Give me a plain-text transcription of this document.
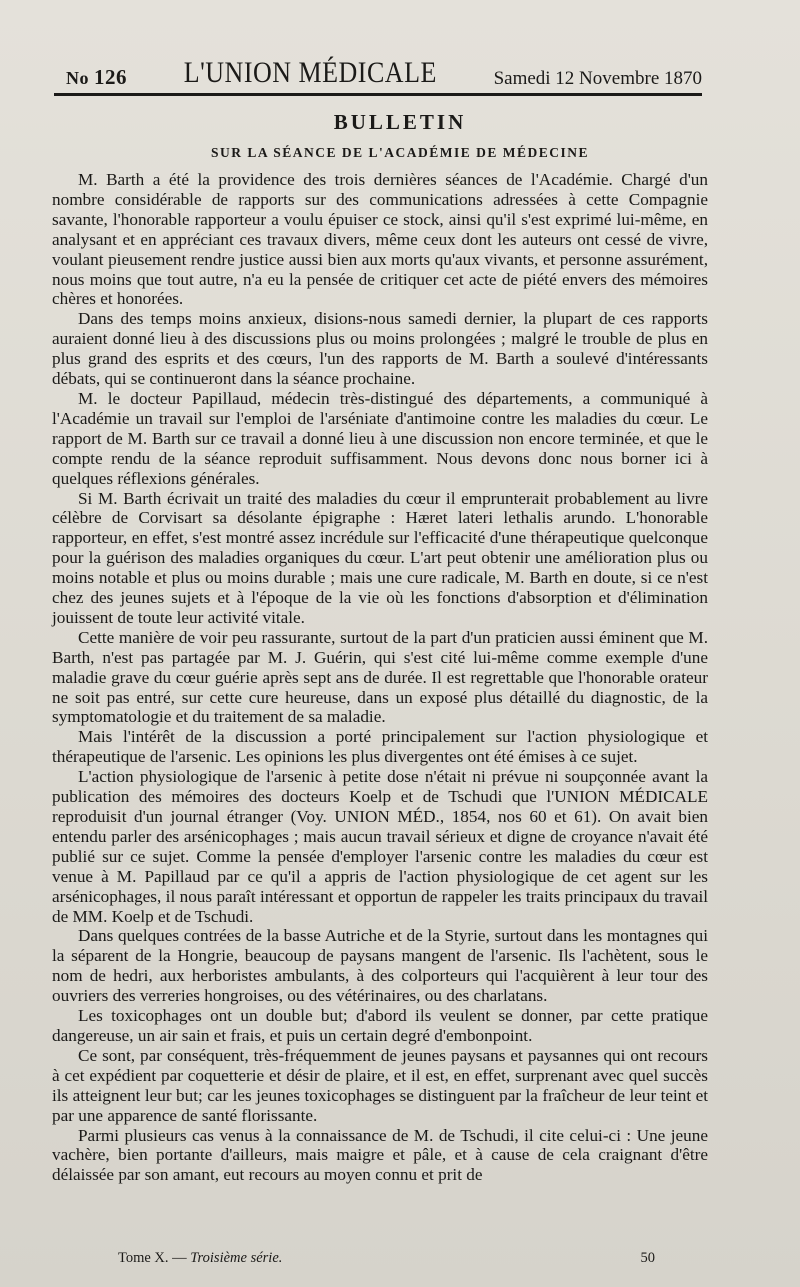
No 126 L'UNION MÉDICALE	Samedi 12 Novembre 1870
BULLETIN
SUR LA SÉANCE DE L'ACADÉMIE DE MÉDECINE

M. Barth a été la providence des trois dernières séances de l'Académie. Chargé d'un nombre considérable de rapports sur des communications adressées à cette Compagnie savante, l'honorable rapporteur a voulu épuiser ce stock, ainsi qu'il s'est exprimé lui-même, en analysant et en appréciant ces travaux divers, même ceux dont les auteurs ont cessé de vivre, voulant pieusement rendre justice aussi bien aux morts qu'aux vivants, et personne assurément, nous moins que tout autre, n'a eu la pensée de critiquer cet acte de piété envers des mémoires chères et honorées.

Dans des temps moins anxieux, disions-nous samedi dernier, la plupart de ces rapports auraient donné lieu à des discussions plus ou moins prolongées ; malgré le trouble de plus en plus grand des esprits et des cœurs, l'un des rapports de M. Barth a soulevé d'intéressants débats, qui se continueront dans la séance prochaine.

M. le docteur Papillaud, médecin très-distingué des départements, a communiqué à l'Académie un travail sur l'emploi de l'arséniate d'antimoine contre les maladies du cœur. Le rapport de M. Barth sur ce travail a donné lieu à une discussion non encore terminée, et que le compte rendu de la séance reproduit suffisamment. Nous devons donc nous borner ici à quelques réflexions générales.

Si M. Barth écrivait un traité des maladies du cœur il emprunterait probablement au livre célèbre de Corvisart sa désolante épigraphe : Hæret lateri lethalis arundo. L'honorable rapporteur, en effet, s'est montré assez incrédule sur l'efficacité d'une thérapeutique quelconque pour la guérison des maladies organiques du cœur. L'art peut obtenir une amélioration plus ou moins notable et plus ou moins durable ; mais une cure radicale, M. Barth en doute, si ce n'est chez des jeunes sujets et à l'époque de la vie où les fonctions d'absorption et d'élimination jouissent de toute leur activité vitale.

Cette manière de voir peu rassurante, surtout de la part d'un praticien aussi éminent que M. Barth, n'est pas partagée par M. J. Guérin, qui s'est cité lui-même comme exemple d'une maladie grave du cœur guérie après sept ans de durée. Il est regrettable que l'honorable orateur ne soit pas entré, sur cette cure heureuse, dans un exposé plus détaillé du diagnostic, de la symptomatologie et du traitement de sa maladie.

Mais l'intérêt de la discussion a porté principalement sur l'action physiologique et thérapeutique de l'arsenic. Les opinions les plus divergentes ont été émises à ce sujet.

L'action physiologique de l'arsenic à petite dose n'était ni prévue ni soupçonnée avant la publication des mémoires des docteurs Koelp et de Tschudi que l'UNION MÉDICALE reproduisit d'un journal étranger (Voy. UNION MÉD., 1854, nos 60 et 61). On avait bien entendu parler des arsénicophages ; mais aucun travail sérieux et digne de croyance n'avait été publié sur ce sujet. Comme la pensée d'employer l'arsenic contre les maladies du cœur est venue à M. Papillaud par ce qu'il a appris de l'action physiologique de cet agent sur les arsénicophages, il nous paraît intéressant et opportun de rappeler les traits principaux du travail de MM. Koelp et de Tschudi.

Dans quelques contrées de la basse Autriche et de la Styrie, surtout dans les montagnes qui la séparent de la Hongrie, beaucoup de paysans mangent de l'arsenic. Ils l'achètent, sous le nom de hedri, aux herboristes ambulants, à des colporteurs qui l'acquièrent à leur tour des ouvriers des verreries hongroises, ou des vétérinaires, ou des charlatans.

Les toxicophages ont un double but; d'abord ils veulent se donner, par cette pratique dangereuse, un air sain et frais, et puis un certain degré d'embonpoint.

Ce sont, par conséquent, très-fréquemment de jeunes paysans et paysannes qui ont recours à cet expédient par coquetterie et désir de plaire, et il est, en effet, surprenant avec quel succès ils atteignent leur but; car les jeunes toxicophages se distinguent par la fraîcheur de leur teint et par une apparence de santé florissante.

Parmi plusieurs cas venus à la connaissance de M. de Tschudi, il cite celui-ci : Une jeune vachère, bien portante d'ailleurs, mais maigre et pâle, et à cause de cela craignant d'être délaissée par son amant, eut recours au moyen connu et prit de

Tome X. — Troisième série.	50
